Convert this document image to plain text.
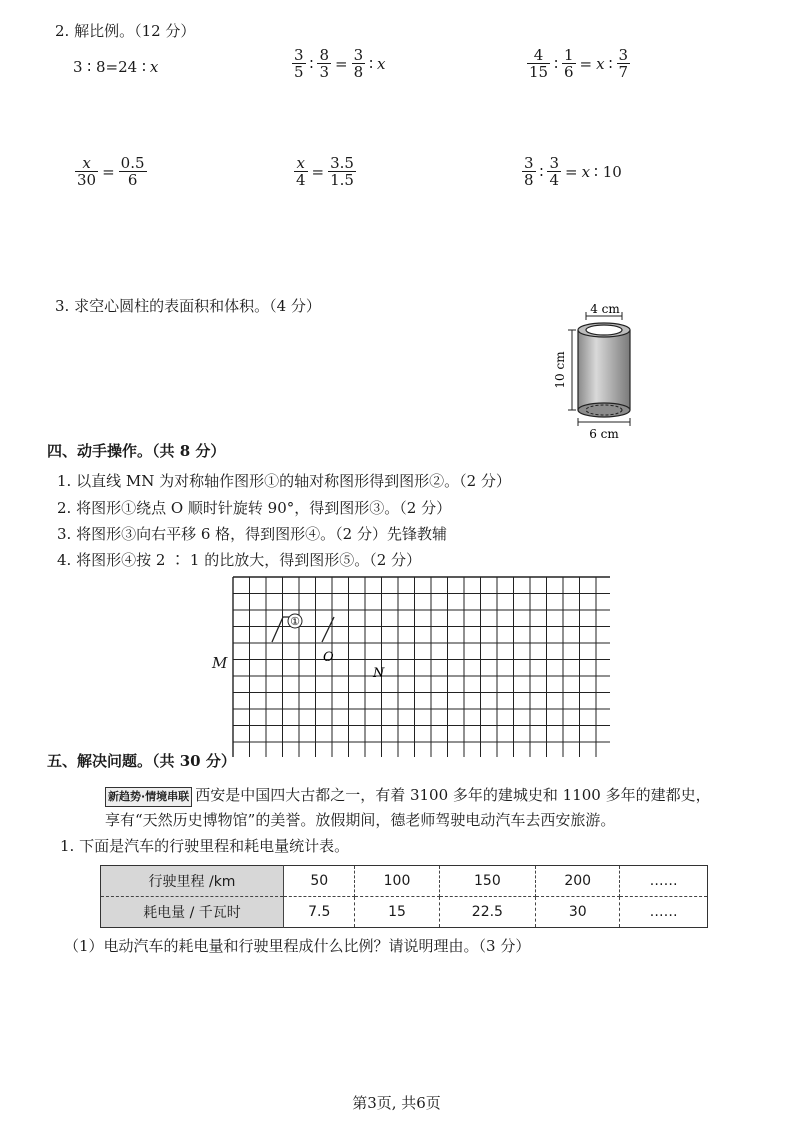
2. 解比例。（12 分）
3 ∶ 8=24 ∶ x	$\frac{3}{5}$ ∶ $\frac{8}{3} = \frac{3}{8}$ ∶ x	$\frac{4}{15}$ ∶ $\frac{1}{6} = x$ ∶ $\frac{3}{7}$
$\frac{x}{30} = \frac{0.5}{6}$	$\frac{x}{4} = \frac{3.5}{1.5}$	$\frac{3}{8}$ ∶ $\frac{3}{4} = x$ ∶ 10
3. 求空心圆柱的表面积和体积。（4 分）	4 cm
10 cm
6 cm
四、动手操作。（共 8 分）
1. 以直线 MN 为对称轴作图形①的轴对称图形得到图形②。（2 分）
2. 将图形①绕点 O 顺时针旋转 90°，得到图形③。（2 分）
3. 将图形③向右平移 6 格，得到图形④。（2 分）先锋教辅
4. 将图形④按 2 ∶ 1 的比放大，得到图形⑤。（2 分）
①
O
N
M
五、解决问题。（共 30 分）
新趋势·情境串联 西安是中国四大古都之一，有着 3100 多年的建城史和 1100 多年的建都史，
享有“天然历史博物馆”的美誉。放假期间，德老师驾驶电动汽车去西安旅游。
1. 下面是汽车的行驶里程和耗电量统计表。
行驶里程 /km	50	100	150	200	……
耗电量 / 千瓦时	7.5	15	22.5	30	……
（1）电动汽车的耗电量和行驶里程成什么比例？请说明理由。（3 分）
第3页, 共6页
